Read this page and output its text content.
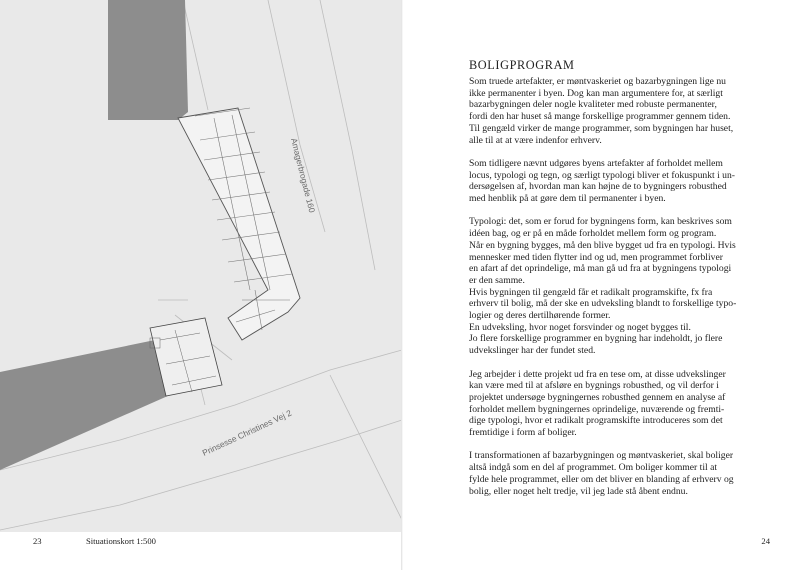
Amagerbrogade 160
Prinsesse Christines Vej 2
23	Situationskort 1:500
BOLIGPROGRAM

Som truede artefakter, er møntvaskeriet og bazarbygningen lige nu
ikke permanenter i byen. Dog kan man argumentere for, at særligt
bazarbygningen deler nogle kvaliteter med robuste permanenter,
fordi den har huset så mange forskellige programmer gennem tiden.
Til gengæld virker de mange programmer, som bygningen har huset,
alle til at at være indenfor erhverv.

Som tidligere nævnt udgøres byens artefakter af forholdet mellem
locus, typologi og tegn, og særligt typologi bliver et fokuspunkt i un-
dersøgelsen af, hvordan man kan højne de to bygningers robusthed
med henblik på at gøre dem til permanenter i byen.

Typologi: det, som er forud for bygningens form, kan beskrives som
idéen bag, og er på en måde forholdet mellem form og program.
Når en bygning bygges, må den blive bygget ud fra en typologi. Hvis
mennesker med tiden flytter ind og ud, men programmet forbliver
en afart af det oprindelige, må man gå ud fra at bygningens typologi
er den samme.
Hvis bygningen til gengæld får et radikalt programskifte, fx fra
erhverv til bolig, må der ske en udveksling blandt to forskellige typo-
logier og deres dertilhørende former.
En udveksling, hvor noget forsvinder og noget bygges til.
Jo flere forskellige programmer en bygning har indeholdt, jo flere
udvekslinger har der fundet sted.

Jeg arbejder i dette projekt ud fra en tese om, at disse udvekslinger
kan være med til at afsløre en bygnings robusthed, og vil derfor i
projektet undersøge bygningernes robusthed gennem en analyse af
forholdet mellem bygningernes oprindelige, nuværende og fremti-
dige typologi, hvor et radikalt programskifte introduceres som det
fremtidige i form af boliger.

I transformationen af bazarbygningen og møntvaskeriet, skal boliger
altså indgå som en del af programmet. Om boliger kommer til at
fylde hele programmet, eller om det bliver en blanding af erhverv og
bolig, eller noget helt tredje, vil jeg lade stå åbent endnu.

24
